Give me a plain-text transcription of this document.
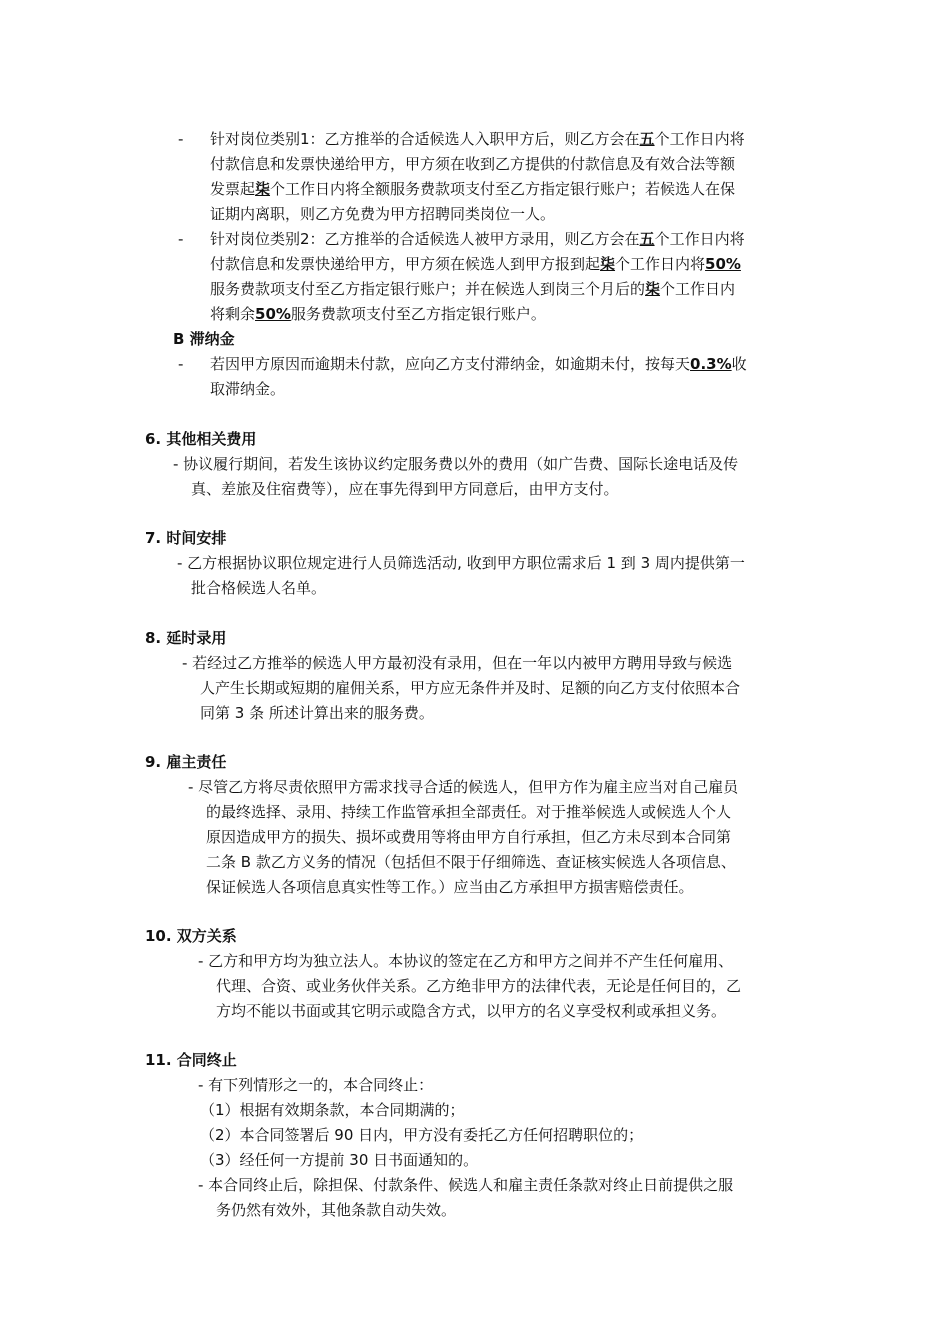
- 针对岗位类别1：乙方推举的合适候选人入职甲方后，则乙方会在五个工作日内将
付款信息和发票快递给甲方，甲方须在收到乙方提供的付款信息及有效合法等额
发票起柒个工作日内将全额服务费款项支付至乙方指定银行账户；若候选人在保
证期内离职，则乙方免费为甲方招聘同类岗位一人。
- 针对岗位类别2：乙方推举的合适候选人被甲方录用，则乙方会在五个工作日内将
付款信息和发票快递给甲方，甲方须在候选人到甲方报到起柒个工作日内将50%
服务费款项支付至乙方指定银行账户；并在候选人到岗三个月后的柒个工作日内
将剩余50%服务费款项支付至乙方指定银行账户。
B 滞纳金
- 若因甲方原因而逾期未付款，应向乙方支付滞纳金，如逾期未付，按每天0.3%收
取滞纳金。
6. 其他相关费用
- 协议履行期间，若发生该协议约定服务费以外的费用（如广告费、国际长途电话及传
真、差旅及住宿费等），应在事先得到甲方同意后，由甲方支付。
7. 时间安排
- 乙方根据协议职位规定进行人员筛选活动, 收到甲方职位需求后 1 到 3 周内提供第一
批合格候选人名单。
8. 延时录用
- 若经过乙方推举的候选人甲方最初没有录用，但在一年以内被甲方聘用导致与候选
人产生长期或短期的雇佣关系，甲方应无条件并及时、足额的向乙方支付依照本合
同第 3 条 所述计算出来的服务费。
9. 雇主责任
- 尽管乙方将尽责依照甲方需求找寻合适的候选人，但甲方作为雇主应当对自己雇员
的最终选择、录用、持续工作监管承担全部责任。对于推举候选人或候选人个人
原因造成甲方的损失、损坏或费用等将由甲方自行承担，但乙方未尽到本合同第
二条 B 款乙方义务的情况（包括但不限于仔细筛选、查证核实候选人各项信息、
保证候选人各项信息真实性等工作。）应当由乙方承担甲方损害赔偿责任。
10. 双方关系
- 乙方和甲方均为独立法人。本协议的签定在乙方和甲方之间并不产生任何雇用、
代理、合资、或业务伙伴关系。乙方绝非甲方的法律代表，无论是任何目的，乙
方均不能以书面或其它明示或隐含方式，以甲方的名义享受权利或承担义务。
11. 合同终止
- 有下列情形之一的，本合同终止：
（1）根据有效期条款，本合同期满的；
（2）本合同签署后 90 日内，甲方没有委托乙方任何招聘职位的；
（3）经任何一方提前 30 日书面通知的。
- 本合同终止后，除担保、付款条件、候选人和雇主责任条款对终止日前提供之服
务仍然有效外，其他条款自动失效。
